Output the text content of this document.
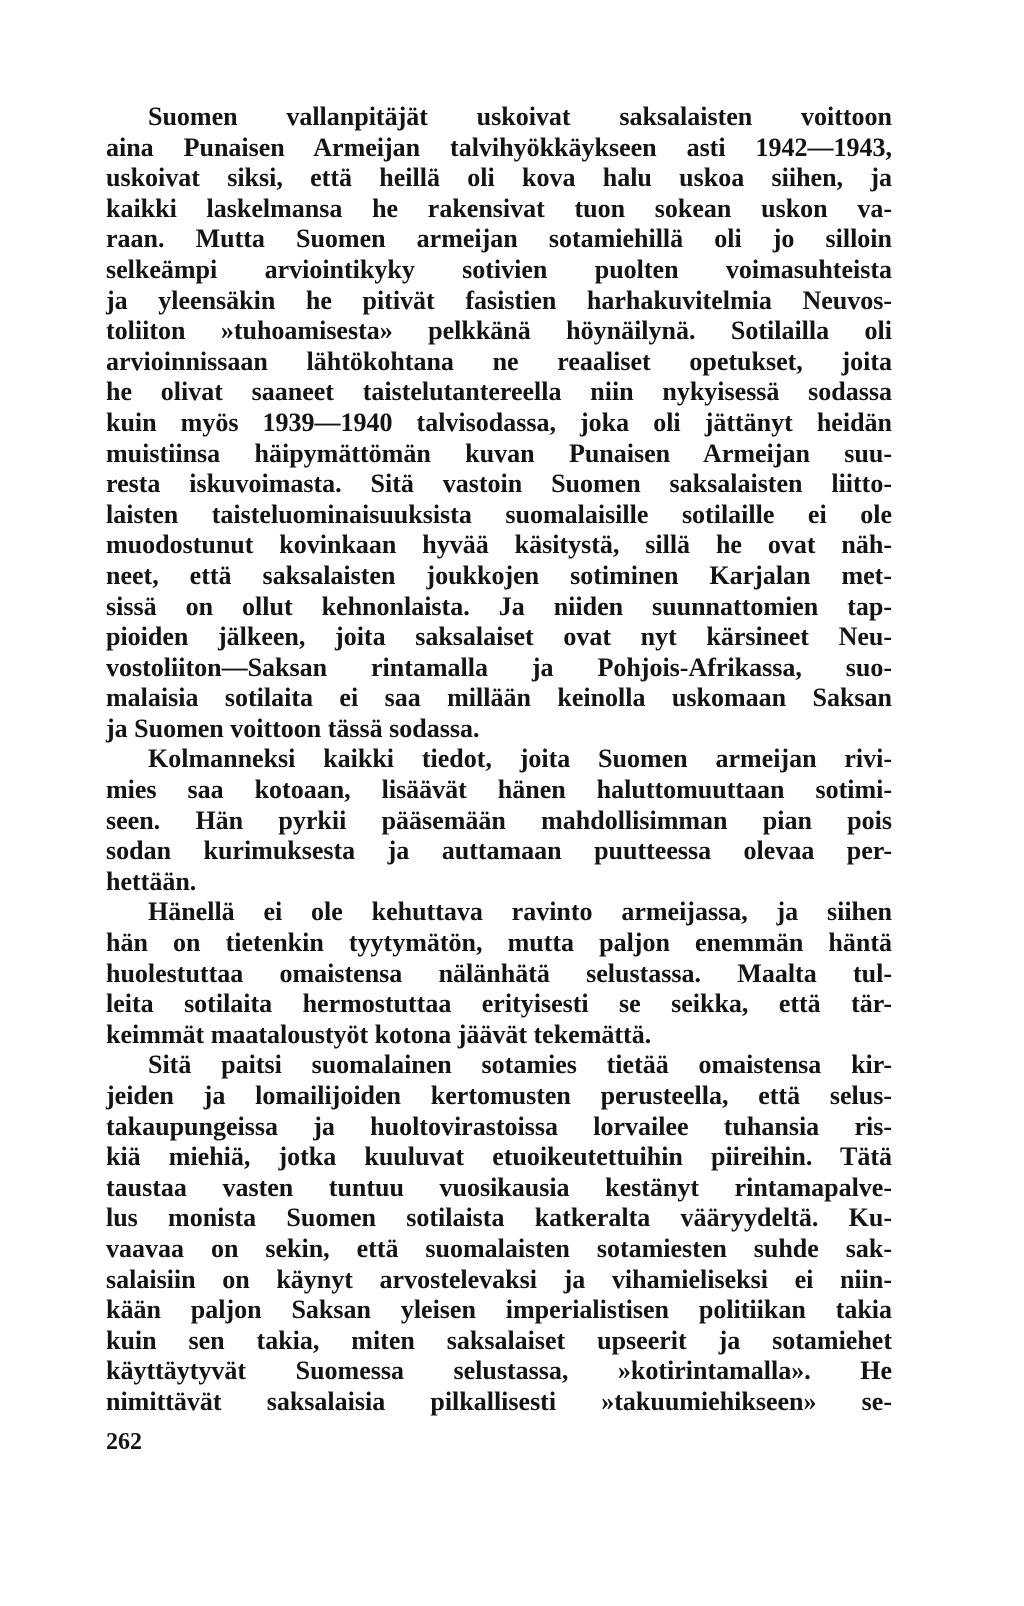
Suomen vallanpitäjät uskoivat saksalaisten voittoon
aina Punaisen Armeijan talvihyökkäykseen asti 1942—1943,
uskoivat siksi, että heillä oli kova halu uskoa siihen, ja
kaikki laskelmansa he rakensivat tuon sokean uskon va-
raan. Mutta Suomen armeijan sotamiehillä oli jo silloin
selkeämpi arviointikyky sotivien puolten voimasuhteista
ja yleensäkin he pitivät fasistien harhakuvitelmia Neuvos-
toliiton »tuhoamisesta» pelkkänä höynäilynä. Sotilailla oli
arvioinnissaan lähtökohtana ne reaaliset opetukset, joita
he olivat saaneet taistelutantereella niin nykyisessä sodassa
kuin myös 1939—1940 talvisodassa, joka oli jättänyt heidän
muistiinsa häipymättömän kuvan Punaisen Armeijan suu-
resta iskuvoimasta. Sitä vastoin Suomen saksalaisten liitto-
laisten taisteluominaisuuksista suomalaisille sotilaille ei ole
muodostunut kovinkaan hyvää käsitystä, sillä he ovat näh-
neet, että saksalaisten joukkojen sotiminen Karjalan met-
sissä on ollut kehnonlaista. Ja niiden suunnattomien tap-
pioiden jälkeen, joita saksalaiset ovat nyt kärsineet Neu-
vostoliiton—Saksan rintamalla ja Pohjois-Afrikassa, suo-
malaisia sotilaita ei saa millään keinolla uskomaan Saksan
ja Suomen voittoon tässä sodassa.
Kolmanneksi kaikki tiedot, joita Suomen armeijan rivi-
mies saa kotoaan, lisäävät hänen haluttomuuttaan sotimi-
seen. Hän pyrkii pääsemään mahdollisimman pian pois
sodan kurimuksesta ja auttamaan puutteessa olevaa per-
hettään.
Hänellä ei ole kehuttava ravinto armeijassa, ja siihen
hän on tietenkin tyytymätön, mutta paljon enemmän häntä
huolestuttaa omaistensa nälänhätä selustassa. Maalta tul-
leita sotilaita hermostuttaa erityisesti se seikka, että tär-
keimmät maataloustyöt kotona jäävät tekemättä.
Sitä paitsi suomalainen sotamies tietää omaistensa kir-
jeiden ja lomailijoiden kertomusten perusteella, että selus-
takaupungeissa ja huoltovirastoissa lorvailee tuhansia ris-
kiä miehiä, jotka kuuluvat etuoikeutettuihin piireihin. Tätä
taustaa vasten tuntuu vuosikausia kestänyt rintamapalve-
lus monista Suomen sotilaista katkeralta vääryydeltä. Ku-
vaavaa on sekin, että suomalaisten sotamiesten suhde sak-
salaisiin on käynyt arvostelevaksi ja vihamieliseksi ei niin-
kään paljon Saksan yleisen imperialistisen politiikan takia
kuin sen takia, miten saksalaiset upseerit ja sotamiehet
käyttäytyvät Suomessa selustassa, »kotirintamalla». He
nimittävät saksalaisia pilkallisesti »takuumiehikseen» se-
262
